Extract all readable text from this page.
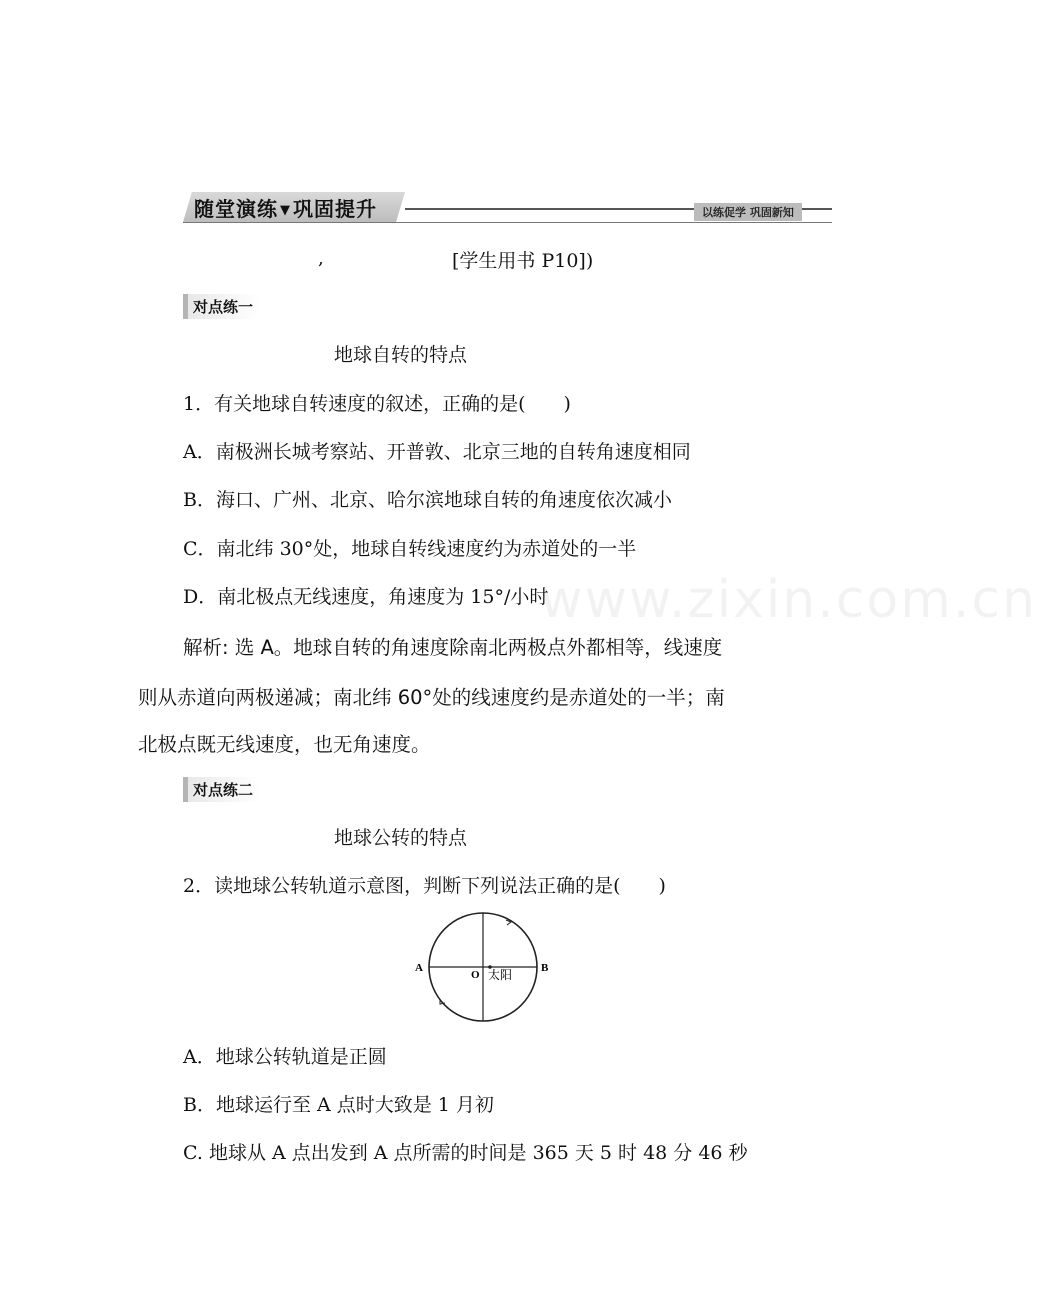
随堂演练 ▼ 巩固提升	以练促学 巩固新知
,	[学生用书 P10])
www.zixin.com.cn
对点练一
地球自转的特点
1．有关地球自转速度的叙述，正确的是(　　)
A．南极洲长城考察站、开普敦、北京三地的自转角速度相同
B．海口、广州、北京、哈尔滨地球自转的角速度依次减小
C．南北纬 30°处，地球自转线速度约为赤道处的一半
D．南北极点无线速度，角速度为 15°/小时
解析: 选 A。地球自转的角速度除南北两极点外都相等，线速度
则从赤道向两极递减；南北纬 60°处的线速度约是赤道处的一半；南
北极点既无线速度，也无角速度。
对点练二
地球公转的特点
2．读地球公转轨道示意图，判断下列说法正确的是(　　)
A	B
O 太阳
A．地球公转轨道是正圆
B．地球运行至 A 点时大致是 1 月初
C. 地球从 A 点出发到 A 点所需的时间是 365 天 5 时 48 分 46 秒
